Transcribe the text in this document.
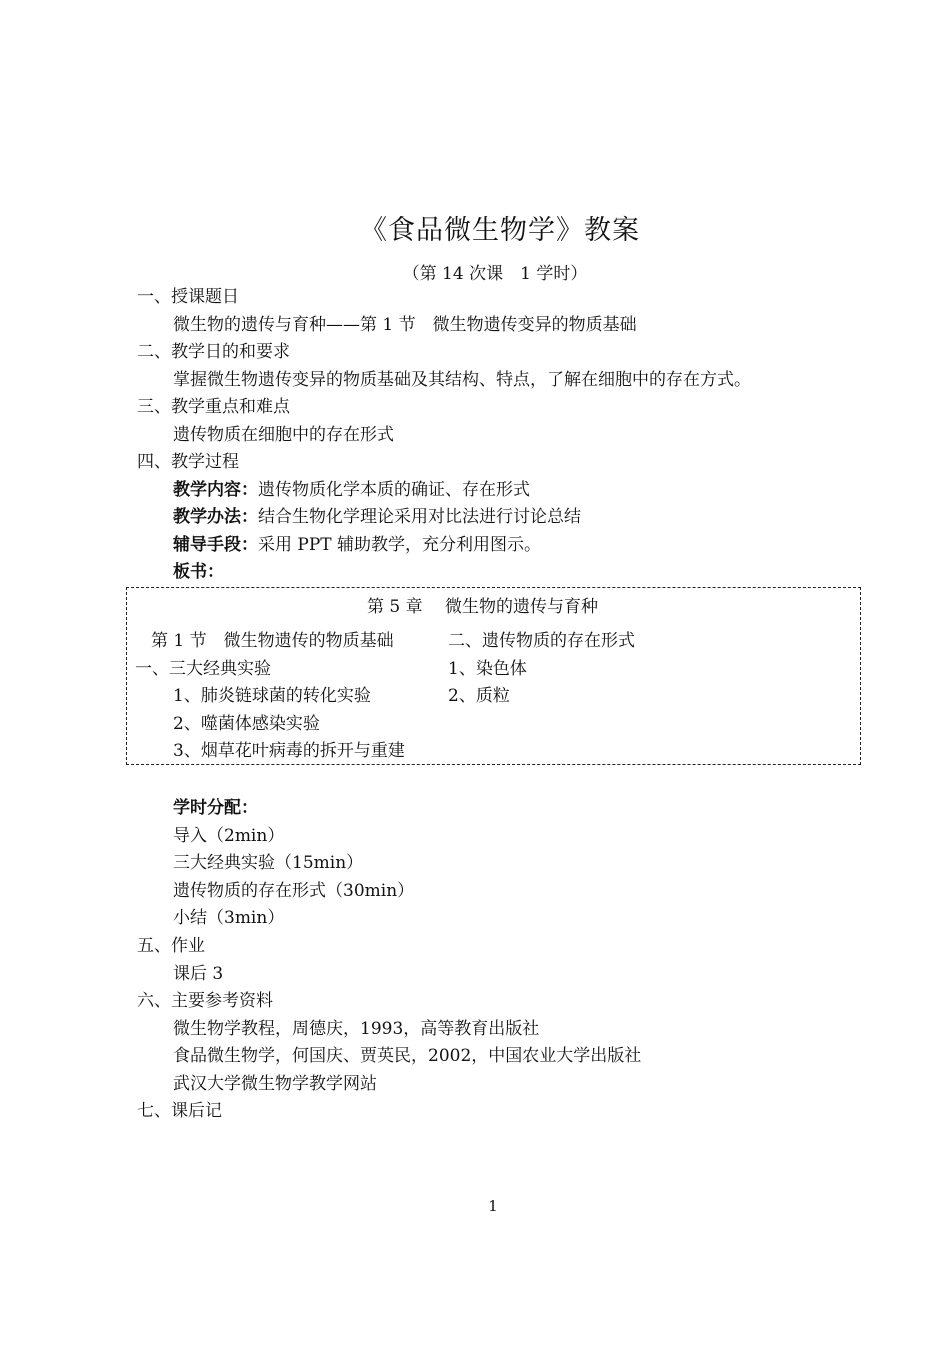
《食品微生物学》教案
（第 14 次课　1 学时）
一、授课题日
微生物的遗传与育种——第 1 节　微生物遗传变异的物质基础
二、教学日的和要求
掌握微生物遗传变异的物质基础及其结构、特点，了解在细胞中的存在方式。
三、教学重点和难点
遗传物质在细胞中的存在形式
四、教学过程
教学内容：遗传物质化学本质的确证、存在形式
教学办法：结合生物化学理论采用对比法进行讨论总结
辅导手段：采用 PPT 辅助教学，充分利用图示。
板书：
第 5 章　 微生物的遗传与育种
第 1 节　微生物遗传的物质基础
一、三大经典实验
1、肺炎链球菌的转化实验
2、噬菌体感染实验
3、烟草花叶病毒的拆开与重建
二、遗传物质的存在形式
1、染色体
2、质粒
学时分配：
导入（2min）
三大经典实验（15min）
遗传物质的存在形式（30min）
小结（3min）
五、作业
课后 3
六、主要参考资料
微生物学教程，周德庆，1993，高等教育出版社
食品微生物学，何国庆、贾英民，2002，中国农业大学出版社
武汉大学微生物学教学网站
七、课后记
1
